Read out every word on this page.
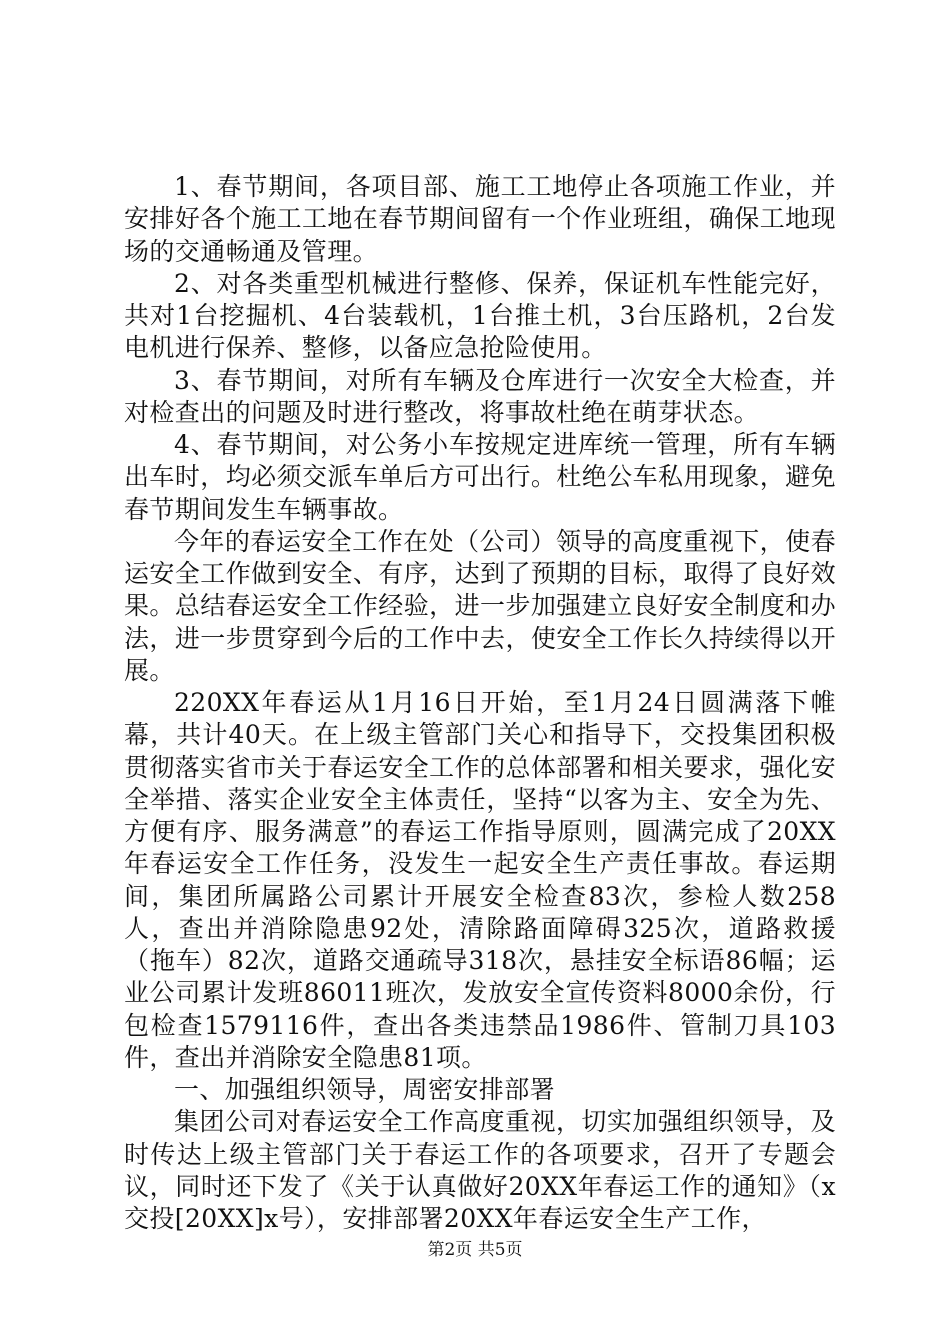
1、春节期间，各项目部、施工工地停止各项施工作业，并安排好各个施工工地在春节期间留有一个作业班组，确保工地现场的交通畅通及管理。

2、对各类重型机械进行整修、保养，保证机车性能完好，共对1台挖掘机、4台装载机，1台推土机，3台压路机，2台发电机进行保养、整修，以备应急抢险使用。

3、春节期间，对所有车辆及仓库进行一次安全大检查，并对检查出的问题及时进行整改，将事故杜绝在萌芽状态。

4、春节期间，对公务小车按规定进库统一管理，所有车辆出车时，均必须交派车单后方可出行。杜绝公车私用现象，避免春节期间发生车辆事故。

今年的春运安全工作在处（公司）领导的高度重视下，使春运安全工作做到安全、有序，达到了预期的目标，取得了良好效果。总结春运安全工作经验，进一步加强建立良好安全制度和办法，进一步贯穿到今后的工作中去，使安全工作长久持续得以开展。

220XX年春运从1月16日开始，至1月24日圆满落下帷幕，共计40天。在上级主管部门关心和指导下，交投集团积极贯彻落实省市关于春运安全工作的总体部署和相关要求，强化安全举措、落实企业安全主体责任，坚持“以客为主、安全为先、方便有序、服务满意”的春运工作指导原则，圆满完成了20XX年春运安全工作任务，没发生一起安全生产责任事故。春运期间，集团所属路公司累计开展安全检查83次，参检人数258人，查出并消除隐患92处，清除路面障碍325次，道路救援（拖车）82次，道路交通疏导318次，悬挂安全标语86幅；运业公司累计发班86011班次，发放安全宣传资料8000余份，行包检查1579116件，查出各类违禁品1986件、管制刀具103件，查出并消除安全隐患81项。

一、加强组织领导，周密安排部署

集团公司对春运安全工作高度重视，切实加强组织领导，及时传达上级主管部门关于春运工作的各项要求，召开了专题会议，同时还下发了《关于认真做好20XX年春运工作的通知》（x交投[20XX]x号），安排部署20XX年春运安全生产工作，

第2页 共5页
